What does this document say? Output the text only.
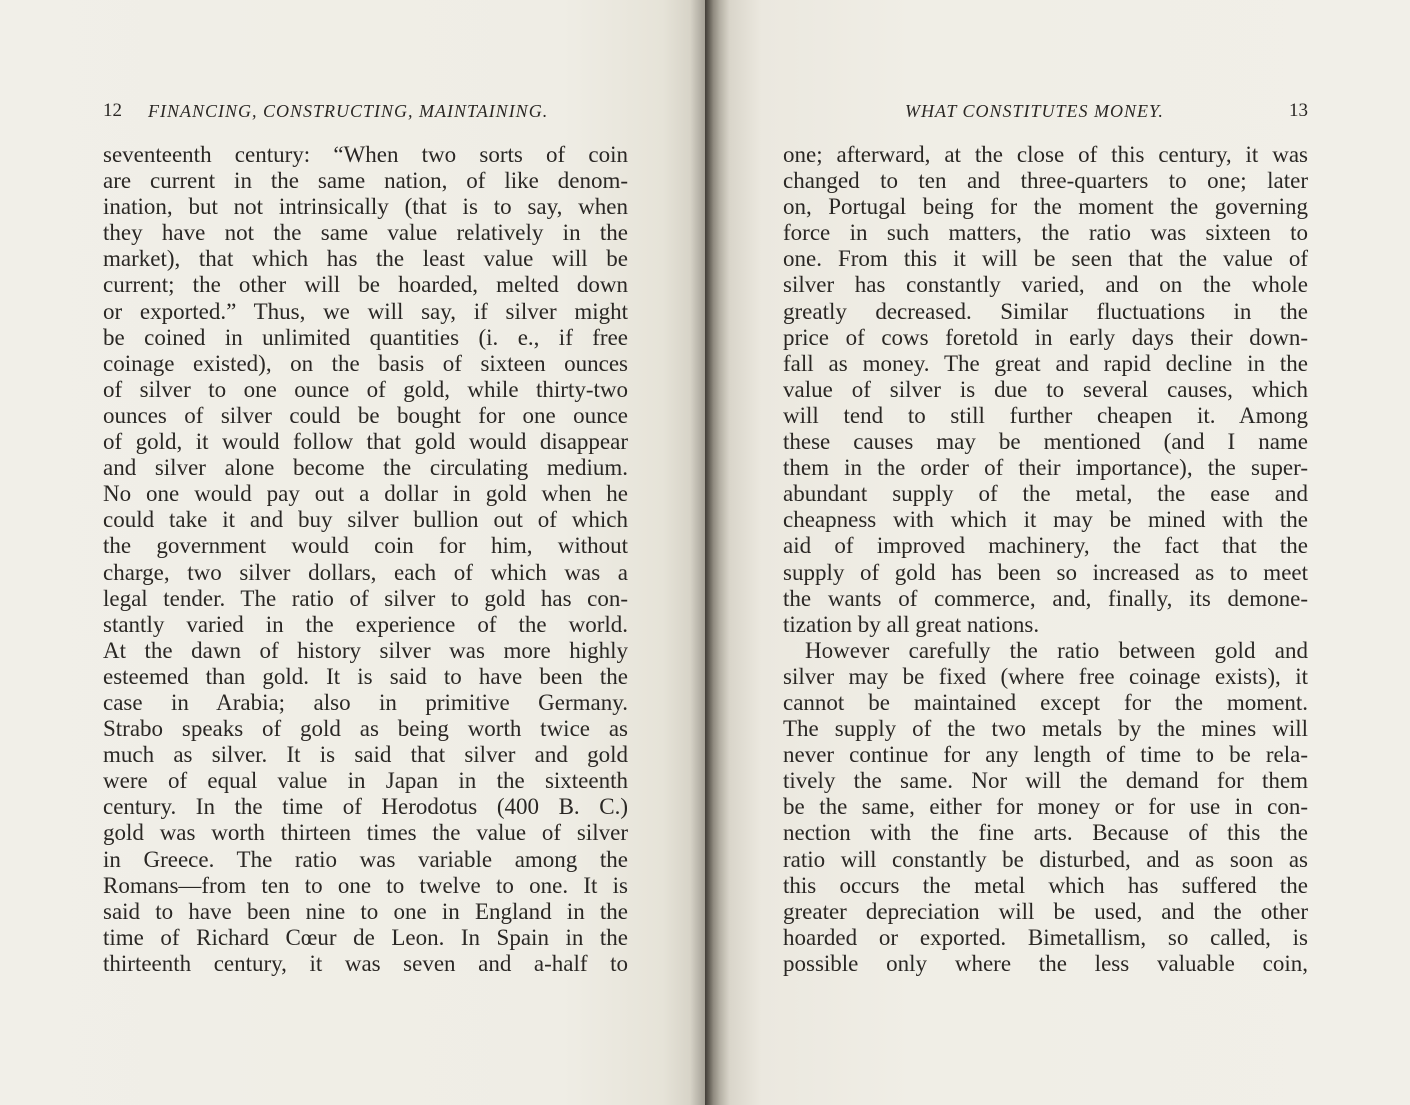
12 FINANCING, CONSTRUCTING, MAINTAINING.
seventeenth century: “When two sorts of coin
are current in the same nation, of like denom-
ination, but not intrinsically (that is to say, when
they have not the same value relatively in the
market), that which has the least value will be
current; the other will be hoarded, melted down
or exported.” Thus, we will say, if silver might
be coined in unlimited quantities (i. e., if free
coinage existed), on the basis of sixteen ounces
of silver to one ounce of gold, while thirty-two
ounces of silver could be bought for one ounce
of gold, it would follow that gold would disappear
and silver alone become the circulating medium.
No one would pay out a dollar in gold when he
could take it and buy silver bullion out of which
the government would coin for him, without
charge, two silver dollars, each of which was a
legal tender. The ratio of silver to gold has con-
stantly varied in the experience of the world.
At the dawn of history silver was more highly
esteemed than gold. It is said to have been the
case in Arabia; also in primitive Germany.
Strabo speaks of gold as being worth twice as
much as silver. It is said that silver and gold
were of equal value in Japan in the sixteenth
century. In the time of Herodotus (400 B. C.)
gold was worth thirteen times the value of silver
in Greece. The ratio was variable among the
Romans—from ten to one to twelve to one. It is
said to have been nine to one in England in the
time of Richard Cœur de Leon. In Spain in the
thirteenth century, it was seven and a-half to
WHAT CONSTITUTES MONEY.	13
one; afterward, at the close of this century, it was
changed to ten and three-quarters to one; later
on, Portugal being for the moment the governing
force in such matters, the ratio was sixteen to
one. From this it will be seen that the value of
silver has constantly varied, and on the whole
greatly decreased. Similar fluctuations in the
price of cows foretold in early days their down-
fall as money. The great and rapid decline in the
value of silver is due to several causes, which
will tend to still further cheapen it. Among
these causes may be mentioned (and I name
them in the order of their importance), the super-
abundant supply of the metal, the ease and
cheapness with which it may be mined with the
aid of improved machinery, the fact that the
supply of gold has been so increased as to meet
the wants of commerce, and, finally, its demone-
tization by all great nations.
However carefully the ratio between gold and
silver may be fixed (where free coinage exists), it
cannot be maintained except for the moment.
The supply of the two metals by the mines will
never continue for any length of time to be rela-
tively the same. Nor will the demand for them
be the same, either for money or for use in con-
nection with the fine arts. Because of this the
ratio will constantly be disturbed, and as soon as
this occurs the metal which has suffered the
greater depreciation will be used, and the other
hoarded or exported. Bimetallism, so called, is
possible only where the less valuable coin,
